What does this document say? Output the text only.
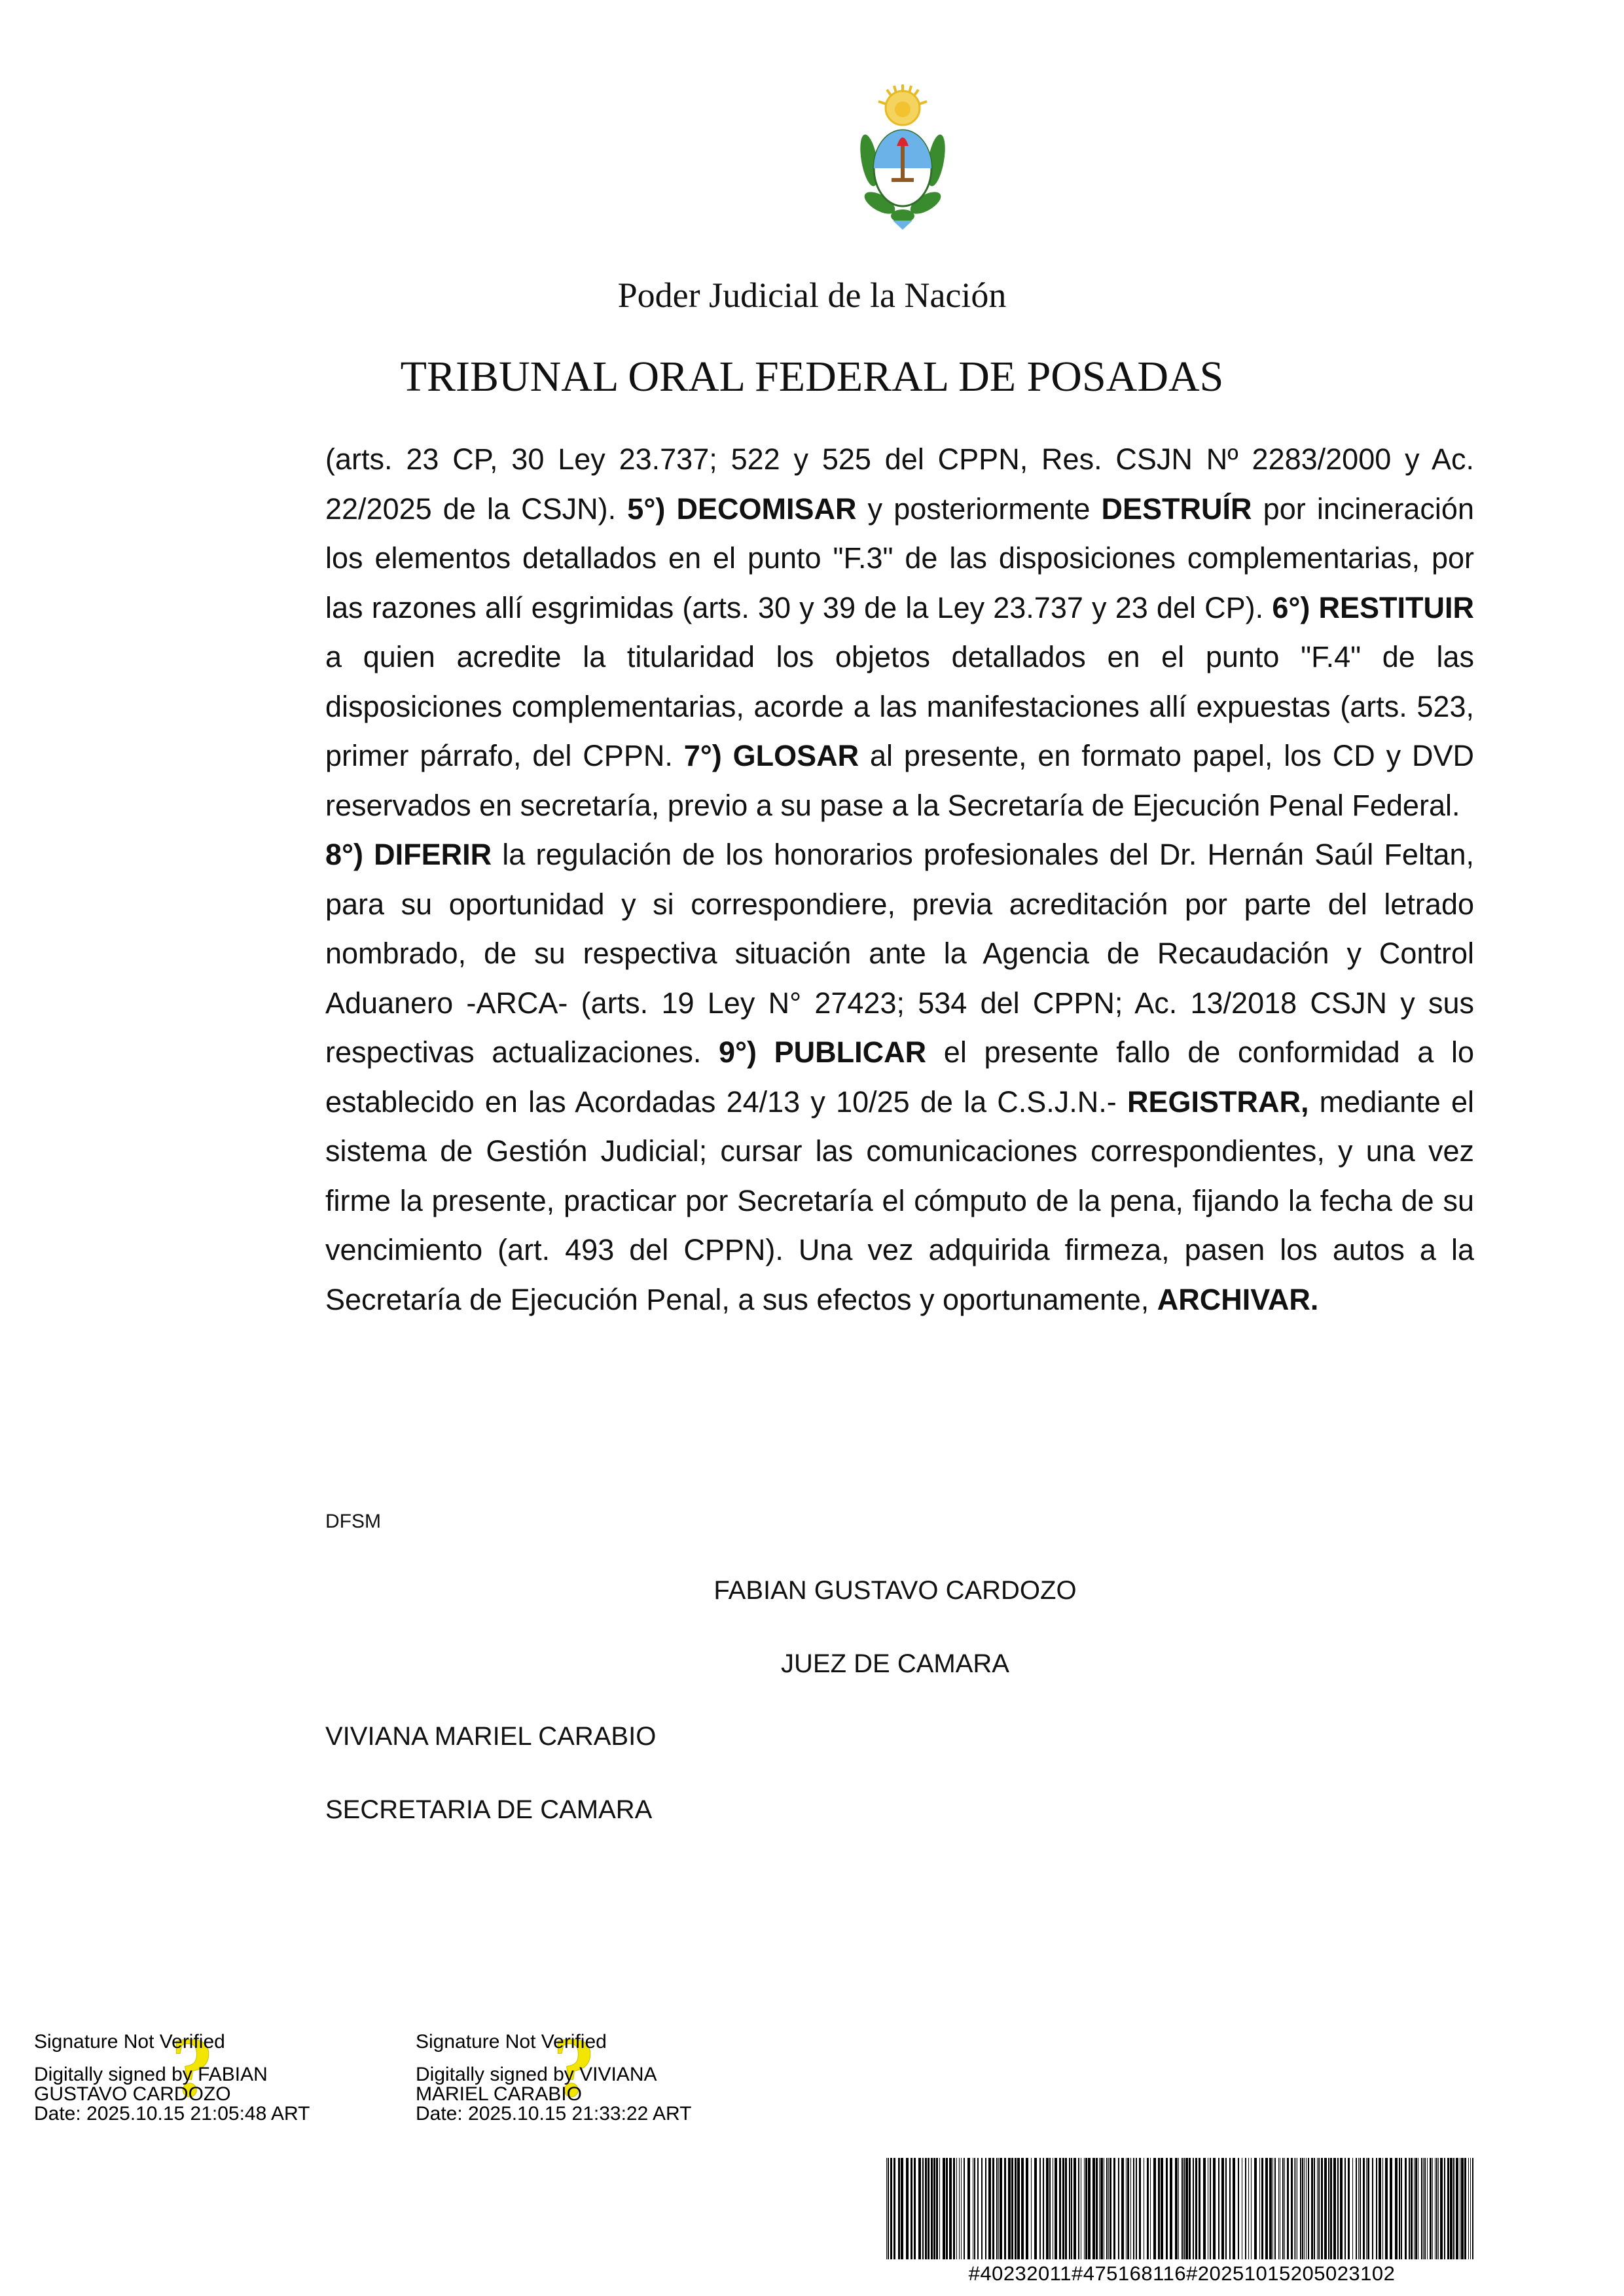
Poder Judicial de la Nación
TRIBUNAL ORAL FEDERAL DE POSADAS

(arts. 23 CP, 30 Ley 23.737; 522 y 525 del CPPN, Res. CSJN Nº 2283/2000 y Ac. 22/2025 de la CSJN). 5°) DECOMISAR y posteriormente DESTRUÍR por incineración los elementos detallados en el punto "F.3" de las disposiciones complementarias, por las razones allí esgrimidas (arts. 30 y 39 de la Ley 23.737 y 23 del CP). 6°) RESTITUIR a quien acredite la titularidad los objetos detallados en el punto "F.4" de las disposiciones complementarias, acorde a las manifestaciones allí expuestas (arts. 523, primer párrafo, del CPPN. 7°) GLOSAR al presente, en formato papel, los CD y DVD reservados en secretaría, previo a su pase a la Secretaría de Ejecución Penal Federal.
8°) DIFERIR la regulación de los honorarios profesionales del Dr. Hernán Saúl Feltan, para su oportunidad y si correspondiere, previa acreditación por parte del letrado nombrado, de su respectiva situación ante la Agencia de Recaudación y Control Aduanero -ARCA- (arts. 19 Ley N° 27423; 534 del CPPN; Ac. 13/2018 CSJN y sus respectivas actualizaciones. 9°) PUBLICAR el presente fallo de conformidad a lo establecido en las Acordadas 24/13 y 10/25 de la C.S.J.N.- REGISTRAR, mediante el sistema de Gestión Judicial; cursar las comunicaciones correspondientes, y una vez firme la presente, practicar por Secretaría el cómputo de la pena, fijando la fecha de su vencimiento (art. 493 del CPPN). Una vez adquirida firmeza, pasen los autos a la Secretaría de Ejecución Penal, a sus efectos y oportunamente, ARCHIVAR.

DFSM
FABIAN GUSTAVO CARDOZO
JUEZ DE CAMARA
VIVIANA MARIEL CARABIO
SECRETARIA DE CAMARA
?
Signature Not Verified
Digitally signed by FABIAN
GUSTAVO CARDOZO
Date: 2025.10.15 21:05:48 ART	?
Signature Not Verified
Digitally signed by VIVIANA
MARIEL CARABIO
Date: 2025.10.15 21:33:22 ART
#40232011#475168116#20251015205023102
